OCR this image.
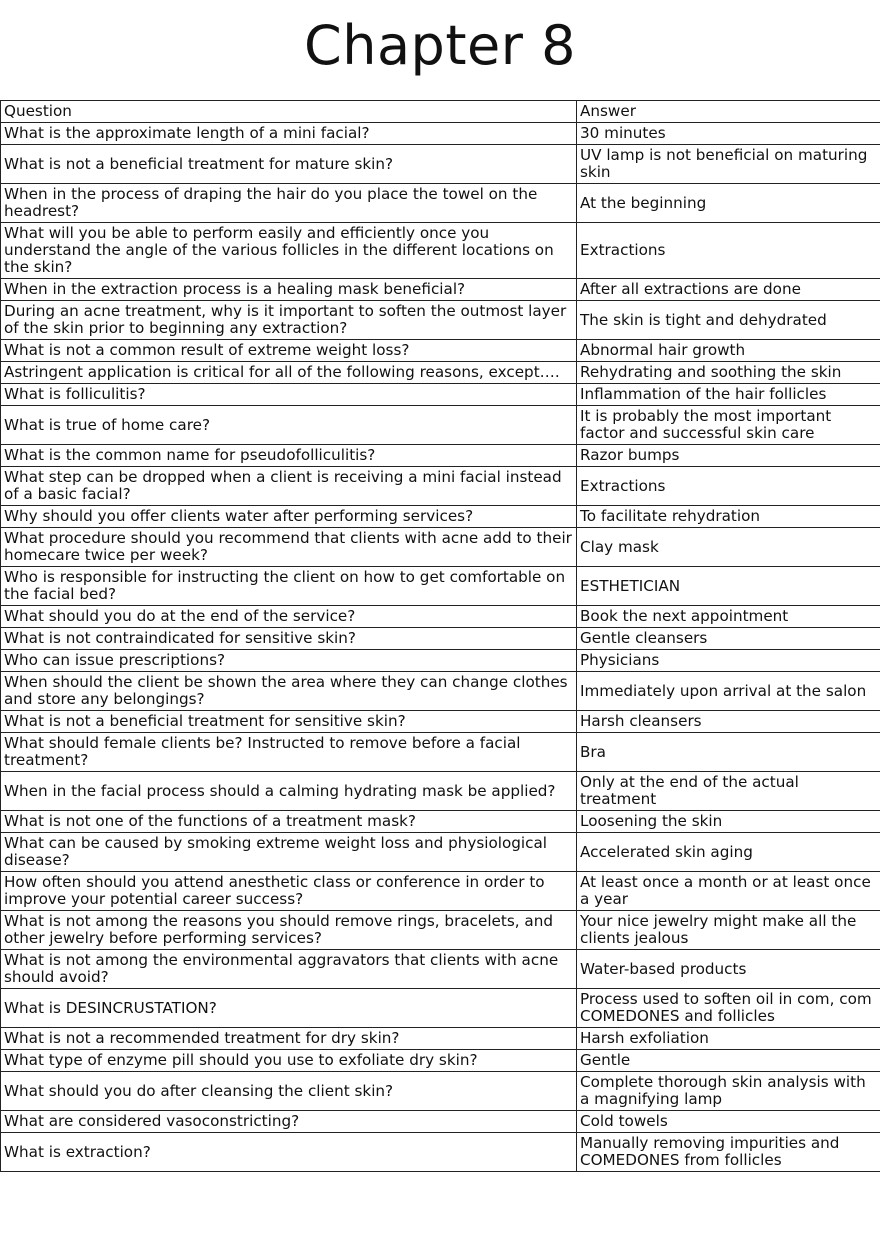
Chapter 8
Question	Answer
What is the approximate length of a mini facial?	30 minutes
What is not a beneficial treatment for mature skin?	UV lamp is not beneficial on maturing skin
When in the process of draping the hair do you place the towel on the headrest?	At the beginning
What will you be able to perform easily and efficiently once you understand the angle of the various follicles in the different locations on the skin?	Extractions
When in the extraction process is a healing mask beneficial?	After all extractions are done
During an acne treatment, why is it important to soften the outmost layer of the skin prior to beginning any extraction?	The skin is tight and dehydrated
What is not a common result of extreme weight loss?	Abnormal hair growth
Astringent application is critical for all of the following reasons, except….	Rehydrating and soothing the skin
What is folliculitis?	Inflammation of the hair follicles
What is true of home care?	It is probably the most important factor and successful skin care
What is the common name for pseudofolliculitis?	Razor bumps
What step can be dropped when a client is receiving a mini facial instead of a basic facial?	Extractions
Why should you offer clients water after performing services?	To facilitate rehydration
What procedure should you recommend that clients with acne add to their homecare twice per week?	Clay mask
Who is responsible for instructing the client on how to get comfortable on the facial bed?	ESTHETICIAN
What should you do at the end of the service?	Book the next appointment
What is not contraindicated for sensitive skin?	Gentle cleansers
Who can issue prescriptions?	Physicians
When should the client be shown the area where they can change clothes and store any belongings?	Immediately upon arrival at the salon
What is not a beneficial treatment for sensitive skin?	Harsh cleansers
What should female clients be? Instructed to remove before a facial treatment?	Bra
When in the facial process should a calming hydrating mask be applied?	Only at the end of the actual treatment
What is not one of the functions of a treatment mask?	Loosening the skin
What can be caused by smoking extreme weight loss and physiological disease?	Accelerated skin aging
How often should you attend anesthetic class or conference in order to improve your potential career success?	At least once a month or at least once a year
What is not among the reasons you should remove rings, bracelets, and other jewelry before performing services?	Your nice jewelry might make all the clients jealous
What is not among the environmental aggravators that clients with acne should avoid?	Water-based products
What is DESINCRUSTATION?	Process used to soften oil in com, com COMEDONES and follicles
What is not a recommended treatment for dry skin?	Harsh exfoliation
What type of enzyme pill should you use to exfoliate dry skin?	Gentle
What should you do after cleansing the client skin?	Complete thorough skin analysis with a magnifying lamp
What are considered vasoconstricting?	Cold towels
What is extraction?	Manually removing impurities and COMEDONES from follicles
